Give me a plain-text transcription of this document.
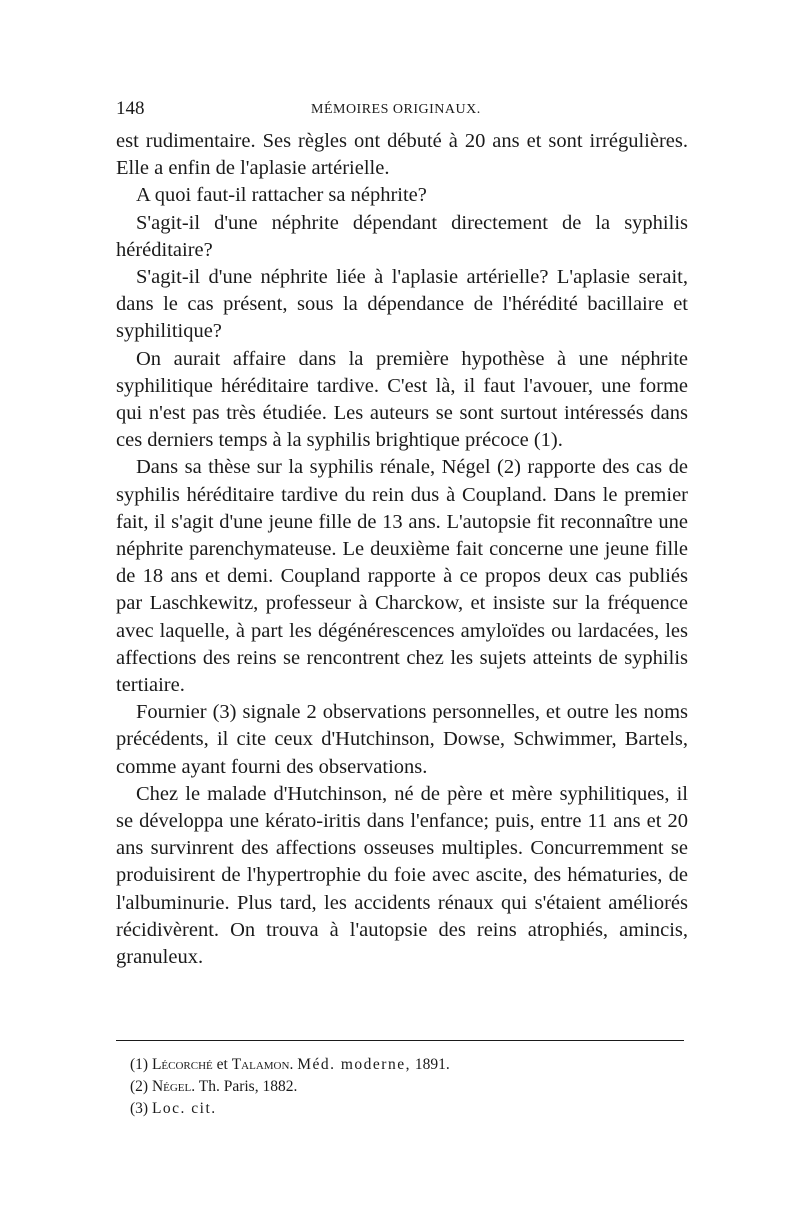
148	MÉMOIRES ORIGINAUX.

est rudimentaire. Ses règles ont débuté à 20 ans et sont irrégulières. Elle a enfin de l'aplasie artérielle.

A quoi faut-il rattacher sa néphrite?

S'agit-il d'une néphrite dépendant directement de la syphilis héréditaire?

S'agit-il d'une néphrite liée à l'aplasie artérielle? L'aplasie serait, dans le cas présent, sous la dépendance de l'hérédité bacillaire et syphilitique?

On aurait affaire dans la première hypothèse à une néphrite syphilitique héréditaire tardive. C'est là, il faut l'avouer, une forme qui n'est pas très étudiée. Les auteurs se sont surtout intéressés dans ces derniers temps à la syphilis brightique précoce (1).

Dans sa thèse sur la syphilis rénale, Négel (2) rapporte des cas de syphilis héréditaire tardive du rein dus à Coupland. Dans le premier fait, il s'agit d'une jeune fille de 13 ans. L'autopsie fit reconnaître une néphrite parenchymateuse. Le deuxième fait concerne une jeune fille de 18 ans et demi. Coupland rapporte à ce propos deux cas publiés par Laschkewitz, professeur à Charckow, et insiste sur la fréquence avec laquelle, à part les dégénérescences amyloïdes ou lardacées, les affections des reins se rencontrent chez les sujets atteints de syphilis tertiaire.

Fournier (3) signale 2 observations personnelles, et outre les noms précédents, il cite ceux d'Hutchinson, Dowse, Schwimmer, Bartels, comme ayant fourni des observations.

Chez le malade d'Hutchinson, né de père et mère syphilitiques, il se développa une kérato-iritis dans l'enfance; puis, entre 11 ans et 20 ans survinrent des affections osseuses multiples. Concurremment se produisirent de l'hypertrophie du foie avec ascite, des hématuries, de l'albuminurie. Plus tard, les accidents rénaux qui s'étaient améliorés récidivèrent. On trouva à l'autopsie des reins atrophiés, amincis, granuleux.

(1) Lécorché et Talamon. Méd. moderne, 1891.

(2) Négel. Th. Paris, 1882.

(3) Loc. cit.
